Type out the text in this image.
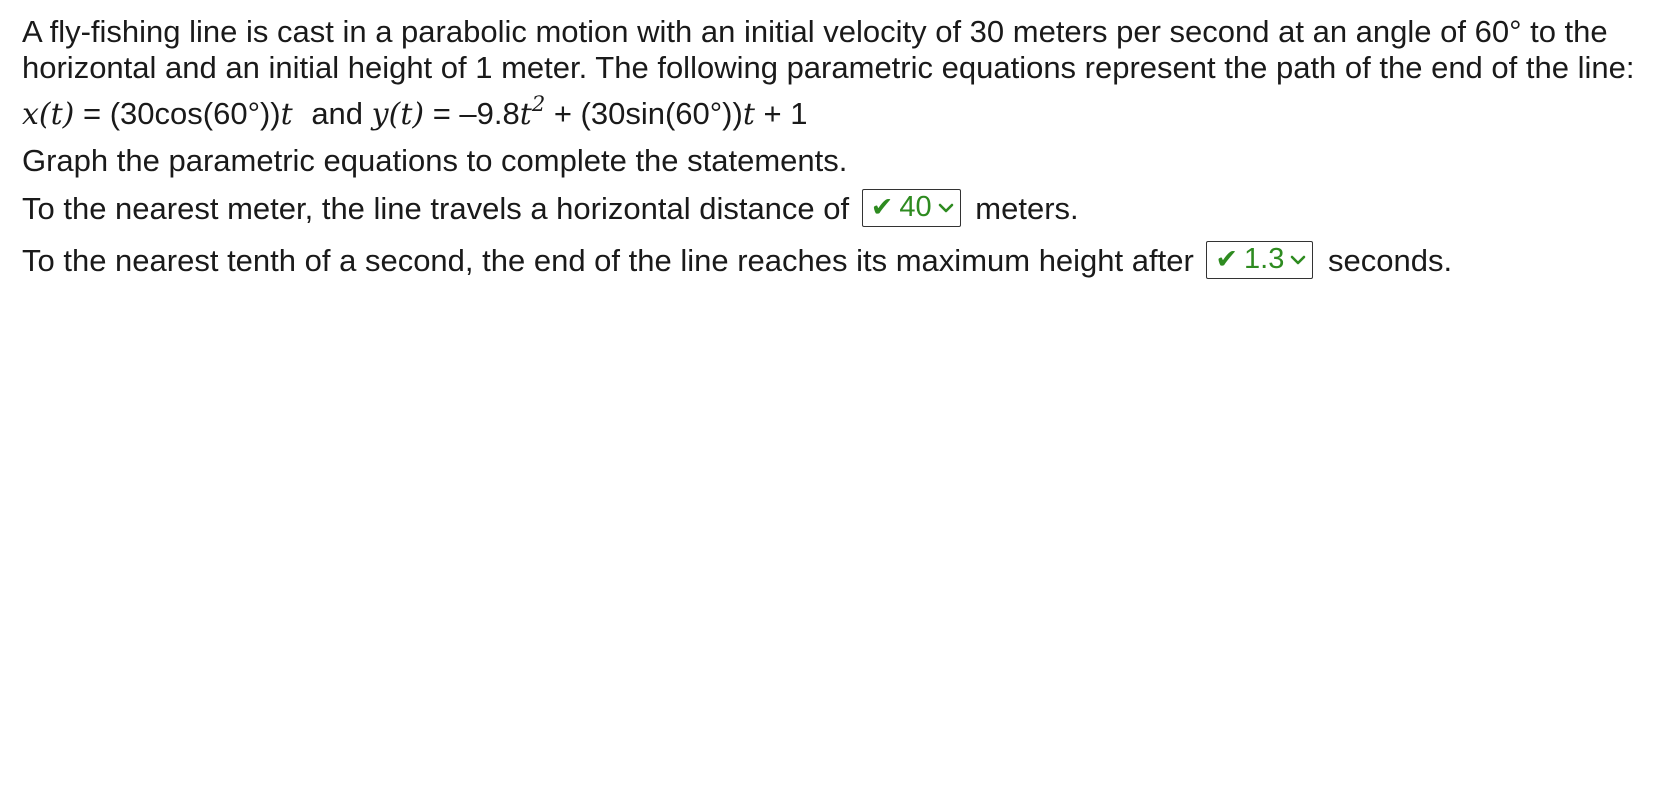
A fly-fishing line is cast in a parabolic motion with an initial velocity of 30 meters per second at an angle of 60° to the horizontal and an initial height of 1 meter. The following parametric equations represent the path of the end of the line:

x(t) = (30cos(60°))t and $y(t) = -9.8t^2 + (30\sin(60^\circ))t + 1$

Graph the parametric equations to complete the statements.

To the nearest meter, the line travels a horizontal distance of ✔ 40 meters.

To the nearest tenth of a second, the end of the line reaches its maximum height after ✔ 1.3 seconds.
